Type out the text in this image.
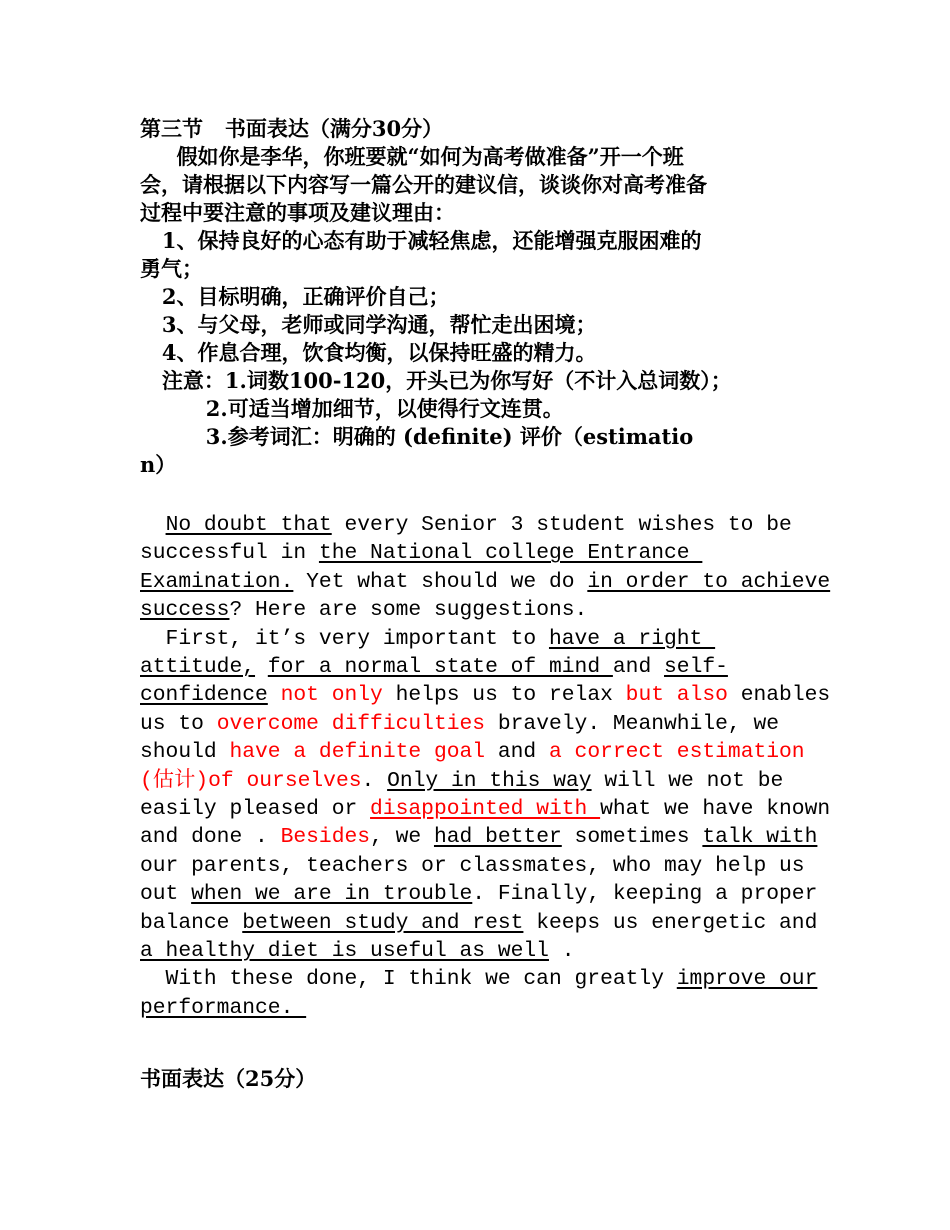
第三节   书面表达（满分30分）

假如你是李华，你班要就“如何为高考做准备”开一个班

会，请根据以下内容写一篇公开的建议信，谈谈你对高考准备

过程中要注意的事项及建议理由：

1、保持良好的心态有助于减轻焦虑，还能增强克服困难的

勇气；

2、目标明确，正确评价自己；

3、与父母，老师或同学沟通，帮忙走出困境；

4、作息合理，饮食均衡，以保持旺盛的精力。

注意：1.词数100-120，开头已为你写好（不计入总词数）；

2.可适当增加细节，以使得行文连贯。

3.参考词汇：明确的 (definite) 评价（estimatio

n）

No doubt that every Senior 3 student wishes to be

successful in the National college Entrance

Examination. Yet what should we do in order to achieve

success? Here are some suggestions.

First, it’s very important to have a right

attitude, for a normal state of mind and self-

confidence not only helps us to relax but also enables

us to overcome difficulties bravely. Meanwhile, we

should have a definite goal and a correct estimation

(估计)of ourselves. Only in this way will we not be

easily pleased or disappointed with what we have known

and done . Besides, we had better sometimes talk with

our parents, teachers or classmates, who may help us

out when we are in trouble. Finally, keeping a proper

balance between study and rest keeps us energetic and

a healthy diet is useful as well .

With these done, I think we can greatly improve our

performance.

书面表达（25分）
